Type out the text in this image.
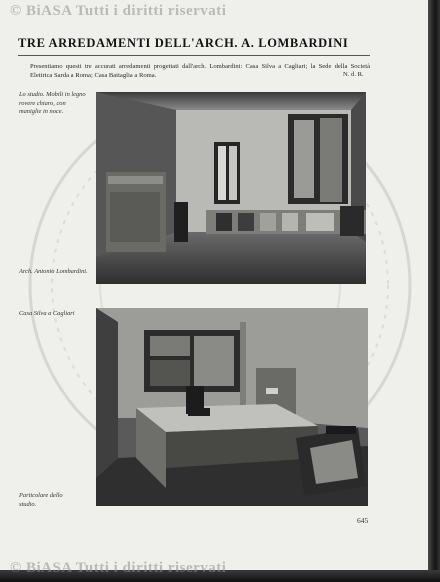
TRE ARREDAMENTI DELL'ARCH. A. LOMBARDINI
Presentiamo questi tre accurati arredamenti progettati dall'arch. Lombardini: Casa Silva a Cagliari; la Sede della Società Elettrica Sarda a Roma; Casa Battaglia a Roma.	N. d. R.
Lo studio. Mobili in legno rovere chiaro, con maniglie in noce.
Arch. Antonio Lombardini.
Casa Silva a Cagliari
Particolare dello studio.
645
© BiASA Tutti i diritti riservati
© BiASA Tutti i diritti riservati
